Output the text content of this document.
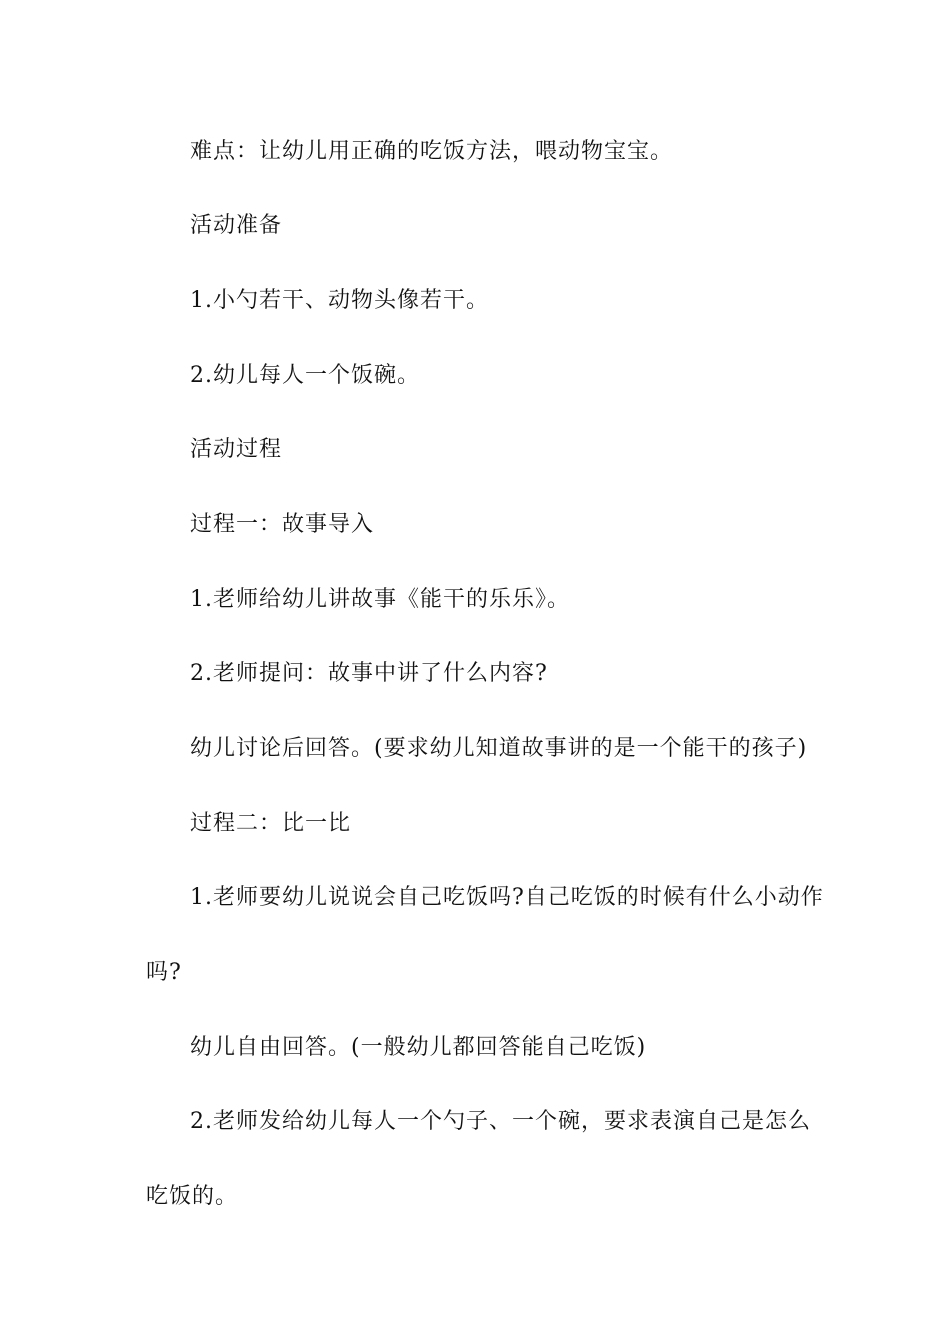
难点：让幼儿用正确的吃饭方法，喂动物宝宝。
活动准备
1.小勺若干、动物头像若干。
2.幼儿每人一个饭碗。
活动过程
过程一：故事导入
1.老师给幼儿讲故事《能干的乐乐》。
2.老师提问：故事中讲了什么内容?
幼儿讨论后回答。(要求幼儿知道故事讲的是一个能干的孩子)
过程二：比一比
1.老师要幼儿说说会自己吃饭吗?自己吃饭的时候有什么小动作
吗?
幼儿自由回答。(一般幼儿都回答能自己吃饭)
2.老师发给幼儿每人一个勺子、一个碗，要求表演自己是怎么
吃饭的。
